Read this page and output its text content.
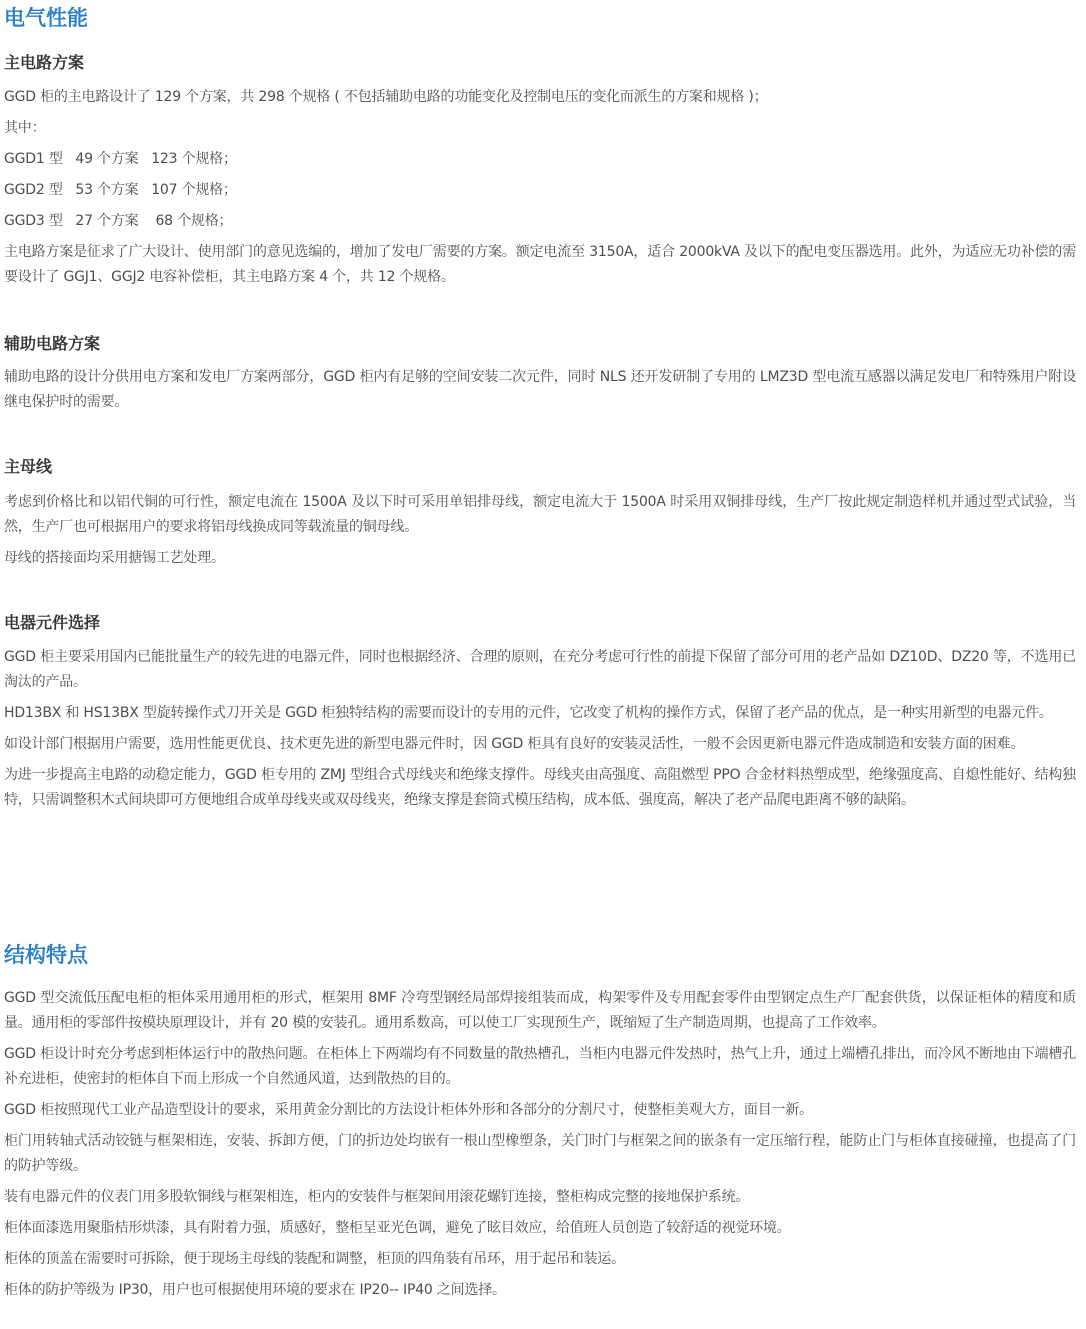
电气性能
主电路方案

GGD 柜的主电路设计了 129 个方案，共 298 个规格 ( 不包括辅助电路的功能变化及控制电压的变化而派生的方案和规格 )；

其中：

GGD1 型   49 个方案   123 个规格；

GGD2 型   53 个方案   107 个规格；

GGD3 型   27 个方案    68 个规格；

主电路方案是征求了广大设计、使用部门的意见选编的，增加了发电厂需要的方案。额定电流至 3150A，适合 2000kVA 及以下的配电变压器选用。此外，为适应无功补偿的需要设计了 GGJ1、GGJ2 电容补偿柜，其主电路方案 4 个，共 12 个规格。

辅助电路方案

辅助电路的设计分供用电方案和发电厂方案两部分，GGD 柜内有足够的空间安装二次元件，同时 NLS 还开发研制了专用的 LMZ3D 型电流互感器以满足发电厂和特殊用户附设继电保护时的需要。

主母线

考虑到价格比和以铝代铜的可行性，额定电流在 1500A 及以下时可采用单铝排母线，额定电流大于 1500A 时采用双铜排母线，生产厂按此规定制造样机并通过型式试验，当然，生产厂也可根据用户的要求将铝母线换成同等载流量的铜母线。

母线的搭接面均采用搪锡工艺处理。

电器元件选择

GGD 柜主要采用国内已能批量生产的较先进的电器元件，同时也根据经济、合理的原则，在充分考虑可行性的前提下保留了部分可用的老产品如 DZ10D、DZ20 等，不选用已淘汰的产品。

HD13BX 和 HS13BX 型旋转操作式刀开关是 GGD 柜独特结构的需要而设计的专用的元件，它改变了机构的操作方式，保留了老产品的优点，是一种实用新型的电器元件。

如设计部门根据用户需要，选用性能更优良、技术更先进的新型电器元件时，因 GGD 柜具有良好的安装灵活性，一般不会因更新电器元件造成制造和安装方面的困难。

为进一步提高主电路的动稳定能力，GGD 柜专用的 ZMJ 型组合式母线夹和绝缘支撑件。母线夹由高强度、高阻燃型 PPO 合金材料热塑成型，绝缘强度高、自熄性能好、结构独特，只需调整积木式间块即可方便地组合成单母线夹或双母线夹，绝缘支撑是套筒式模压结构，成本低、强度高，解决了老产品爬电距离不够的缺陷。

结构特点

GGD 型交流低压配电柜的柜体采用通用柜的形式，框架用 8MF 冷弯型钢经局部焊接组装而成，构架零件及专用配套零件由型钢定点生产厂配套供货，以保证柜体的精度和质量。通用柜的零部件按模块原理设计，并有 20 模的安装孔。通用系数高，可以使工厂实现预生产，既缩短了生产制造周期，也提高了工作效率。

GGD 柜设计时充分考虑到柜体运行中的散热问题。在柜体上下两端均有不同数量的散热槽孔，当柜内电器元件发热时，热气上升，通过上端槽孔排出，而冷风不断地由下端槽孔补充进柜，使密封的柜体自下而上形成一个自然通风道，达到散热的目的。

GGD 柜按照现代工业产品造型设计的要求，采用黄金分割比的方法设计柜体外形和各部分的分割尺寸，使整柜美观大方，面目一新。

柜门用转轴式活动铰链与框架相连，安装、拆卸方便，门的折边处均嵌有一根山型橡塑条，关门时门与框架之间的嵌条有一定压缩行程，能防止门与柜体直接碰撞，也提高了门的防护等级。

装有电器元件的仪表门用多股软铜线与框架相连，柜内的安装件与框架间用滚花螺钉连接，整柜构成完整的接地保护系统。

柜体面漆选用聚脂桔形烘漆，具有附着力强，质感好，整柜呈亚光色调，避免了眩目效应，给值班人员创造了较舒适的视觉环境。

柜体的顶盖在需要时可拆除，便于现场主母线的装配和调整，柜顶的四角装有吊环，用于起吊和装运。

柜体的防护等级为 IP30，用户也可根据使用环境的要求在 IP20-- IP40 之间选择。
